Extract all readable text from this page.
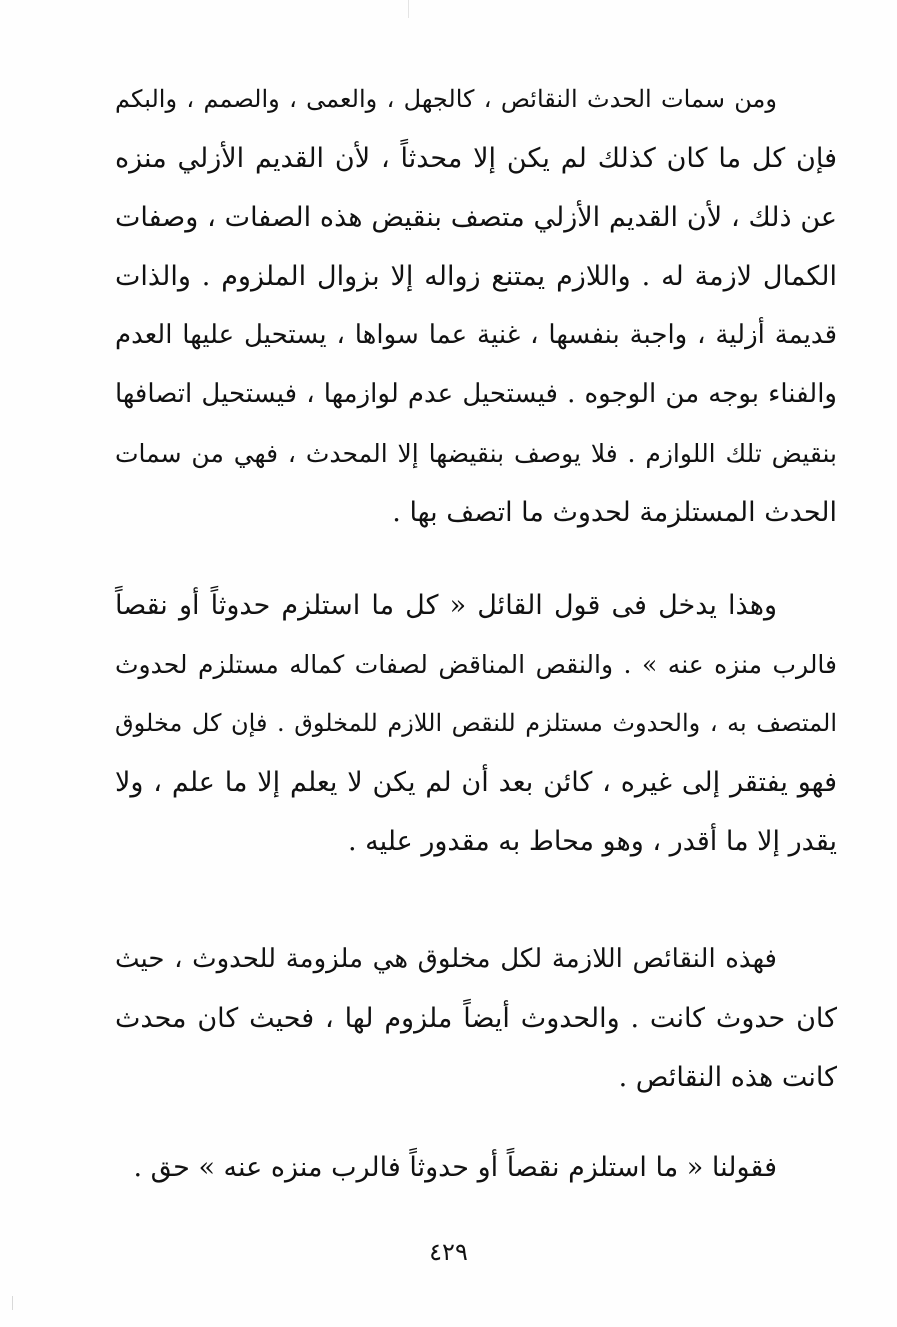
ومن سمات الحدث النقائص ، كالجهل ، والعمى ، والصمم ، والبكم
فإن كل ما كان كذلك لم يكن إلا محدثاً ، لأن القديم الأزلي منزه
عن ذلك ، لأن القديم الأزلي متصف بنقيض هذه الصفات ، وصفات
الكمال لازمة له . واللازم يمتنع زواله إلا بزوال الملزوم . والذات
قديمة أزلية ، واجبة بنفسها ، غنية عما سواها ، يستحيل عليها العدم
والفناء بوجه من الوجوه . فيستحيل عدم لوازمها ، فيستحيل اتصافها
بنقيض تلك اللوازم . فلا يوصف بنقيضها إلا المحدث ، فهي من سمات
الحدث المستلزمة لحدوث ما اتصف بها .
وهذا يدخل فى قول القائل « كل ما استلزم حدوثاً أو نقصاً
فالرب منزه عنه » . والنقص المناقض لصفات كماله مستلزم لحدوث
المتصف به ، والحدوث مستلزم للنقص اللازم للمخلوق . فإن كل مخلوق
فهو يفتقر إلى غيره ، كائن بعد أن لم يكن لا يعلم إلا ما علم ، ولا
يقدر إلا ما أقدر ، وهو محاط به مقدور عليه .
فهذه النقائص اللازمة لكل مخلوق هي ملزومة للحدوث ، حيث
كان حدوث كانت . والحدوث أيضاً ملزوم لها ، فحيث كان محدث
كانت هذه النقائص .
فقولنا « ما استلزم نقصاً أو حدوثاً فالرب منزه عنه » حق .
٤٢٩
